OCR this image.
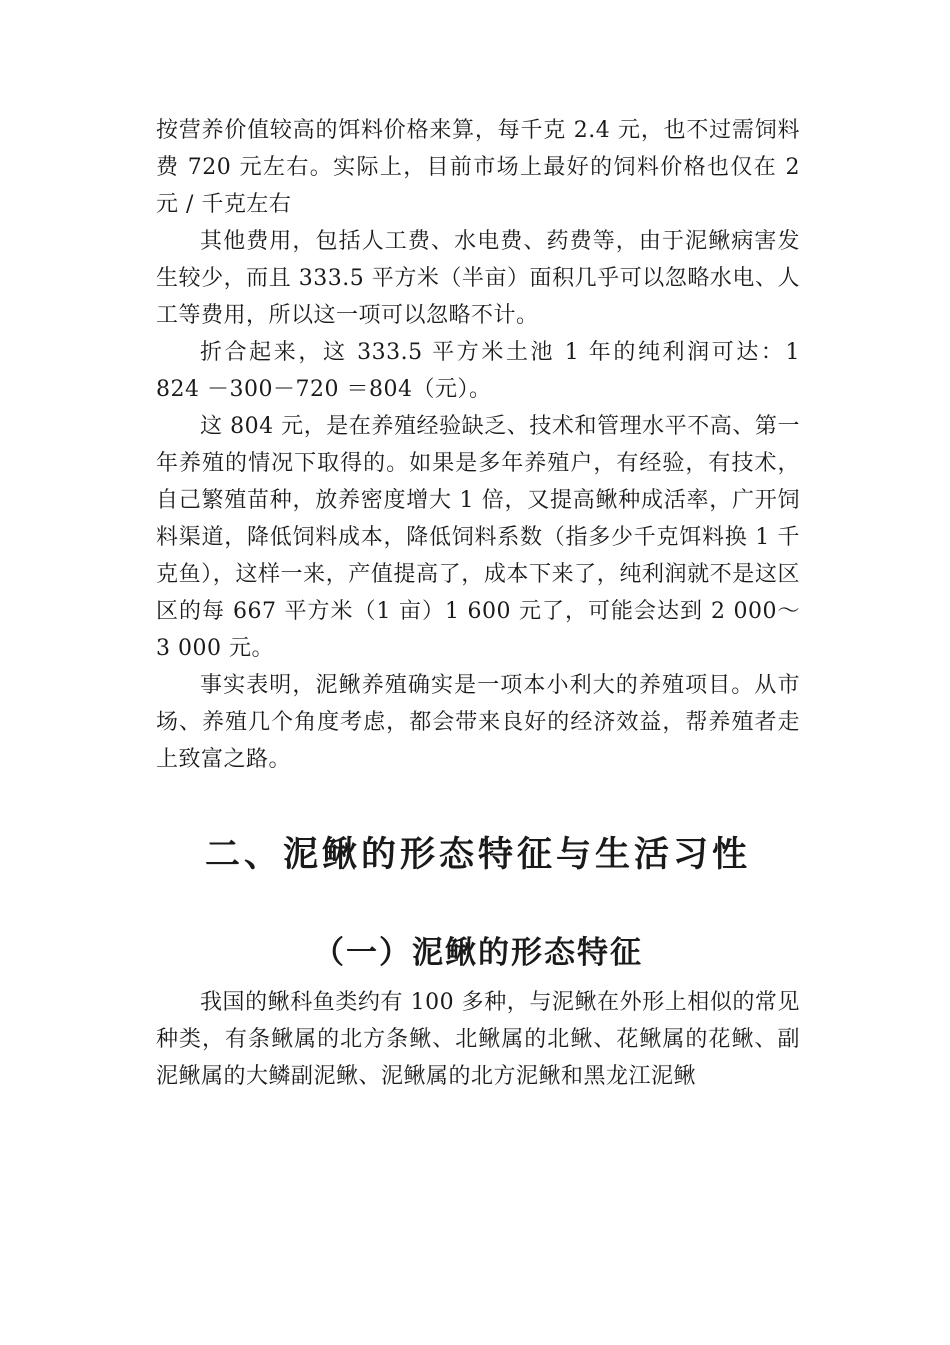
按营养价值较高的饵料价格来算，每千克 2.4 元，也不过需饲料费 720 元左右。实际上，目前市场上最好的饲料价格也仅在 2 元 / 千克左右

其他费用，包括人工费、水电费、药费等，由于泥鳅病害发生较少，而且 333.5 平方米（半亩）面积几乎可以忽略水电、人工等费用，所以这一项可以忽略不计。

折合起来，这 333.5 平方米土池 1 年的纯利润可达：1 824 －300－720 ＝804（元）。

这 804 元，是在养殖经验缺乏、技术和管理水平不高、第一年养殖的情况下取得的。如果是多年养殖户，有经验，有技术，自己繁殖苗种，放养密度增大 1 倍，又提高鳅种成活率，广开饲料渠道，降低饲料成本，降低饲料系数（指多少千克饵料换 1 千克鱼），这样一来，产值提高了，成本下来了，纯利润就不是这区区的每 667 平方米（1 亩）1 600 元了，可能会达到 2 000～3 000 元。

事实表明，泥鳅养殖确实是一项本小利大的养殖项目。从市场、养殖几个角度考虑，都会带来良好的经济效益，帮养殖者走上致富之路。

二、泥鳅的形态特征与生活习性
（一）泥鳅的形态特征

我国的鳅科鱼类约有 100 多种，与泥鳅在外形上相似的常见种类，有条鳅属的北方条鳅、北鳅属的北鳅、花鳅属的花鳅、副泥鳅属的大鳞副泥鳅、泥鳅属的北方泥鳅和黑龙江泥鳅
